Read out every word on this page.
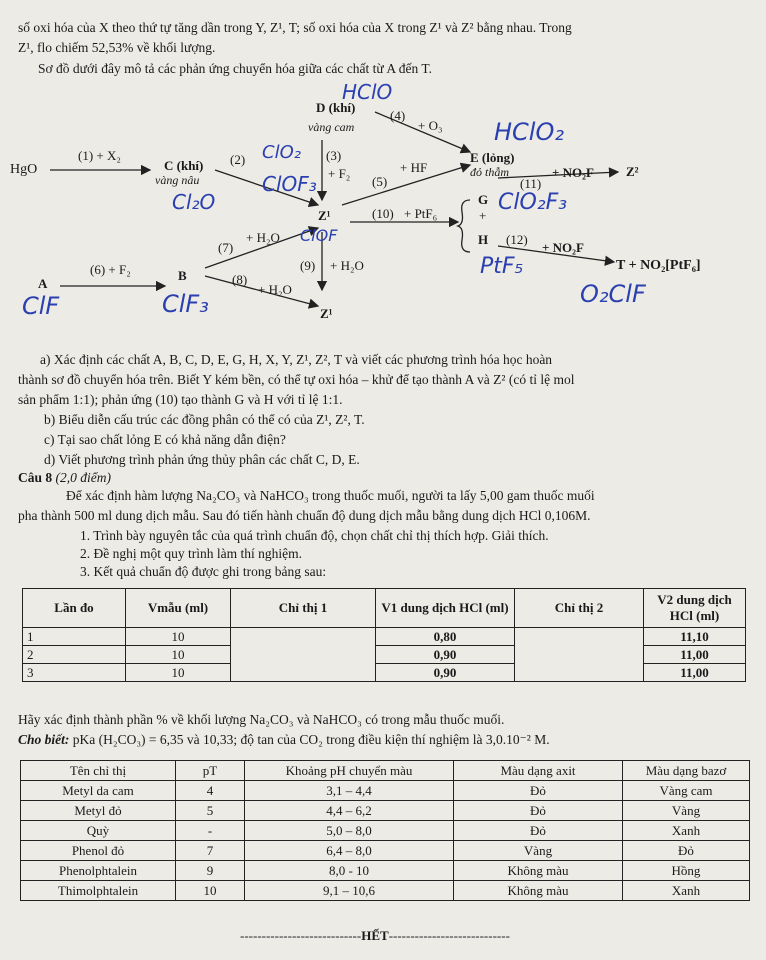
số oxi hóa của X theo thứ tự tăng dần trong Y, Z¹, T; số oxi hóa của X trong Z¹ và Z² bằng nhau. Trong
Z¹, flo chiếm 52,53% về khối lượng.
Sơ đồ dưới đây mô tả các phản ứng chuyển hóa giữa các chất từ A đến T.
HgO
(1) + X₂
C (khí)
vàng nâu
D (khí)
vàng cam
(2)	(3)
+ F₂
(4)
+ O₃
(5)
+ HF
E (lỏng)
đỏ thẫm
Z¹	(10) + PtF₆
G
+
H
(11)
+ NO₂F Z²
(12)
+ NO₂F
T + NO₂[PtF₆]
(7)
+ H₂O
(9) + H₂O
A
(6) + F₂	B	(8)
+ H₂O
Z¹
HClO
HClO₂
ClO₂
ClOF₃
Cl₂O
ClOF
ClO₂F₃
PtF₅
ClF	ClF₃	O₂ClF
a) Xác định các chất A, B, C, D, E, G, H, X, Y, Z¹, Z², T và viết các phương trình hóa học hoàn
thành sơ đồ chuyển hóa trên. Biết Y kém bền, có thể tự oxi hóa – khử để tạo thành A và Z² (có tỉ lệ mol
sản phẩm 1:1); phản ứng (10) tạo thành G và H với tỉ lệ 1:1.
b) Biểu diễn cấu trúc các đồng phân có thể có của Z¹, Z², T.
c) Tại sao chất lỏng E có khả năng dẫn điện?
d) Viết phương trình phản ứng thủy phân các chất C, D, E.
Câu 8 (2,0 điểm)
Để xác định hàm lượng Na₂CO₃ và NaHCO₃ trong thuốc muối, người ta lấy 5,00 gam thuốc muối
pha thành 500 ml dung dịch mẫu. Sau đó tiến hành chuẩn độ dung dịch mẫu bằng dung dịch HCl 0,106M.
1. Trình bày nguyên tắc của quá trình chuẩn độ, chọn chất chỉ thị thích hợp. Giải thích.
2. Đề nghị một quy trình làm thí nghiệm.
3. Kết quả chuẩn độ được ghi trong bảng sau:
Lần đo	Vmẫu (ml)	Chỉ thị 1	V1 dung dịch HCl (ml)	Chỉ thị 2	V2 dung dịch HCl (ml)
1	10		0,80		11,10
2	10		0,90		11,00
3	10		0,90		11,00
Hãy xác định thành phần % về khối lượng Na₂CO₃ và NaHCO₃ có trong mẫu thuốc muối.
Cho biết: pKa (H₂CO₃) = 6,35 và 10,33; độ tan của CO₂ trong điều kiện thí nghiệm là 3,0.10⁻² M.
Tên chỉ thị	pT	Khoảng pH chuyển màu	Màu dạng axit	Màu dạng bazơ
Metyl da cam	4	3,1 – 4,4	Đỏ	Vàng cam
Metyl đỏ	5	4,4 – 6,2	Đỏ	Vàng
Quỳ	-	5,0 – 8,0	Đỏ	Xanh
Phenol đỏ	7	6,4 – 8,0	Vàng	Đỏ
Phenolphtalein	9	8,0 - 10	Không màu	Hồng
Thimolphtalein	10	9,1 – 10,6	Không màu	Xanh
----------------------------HẾT----------------------------
